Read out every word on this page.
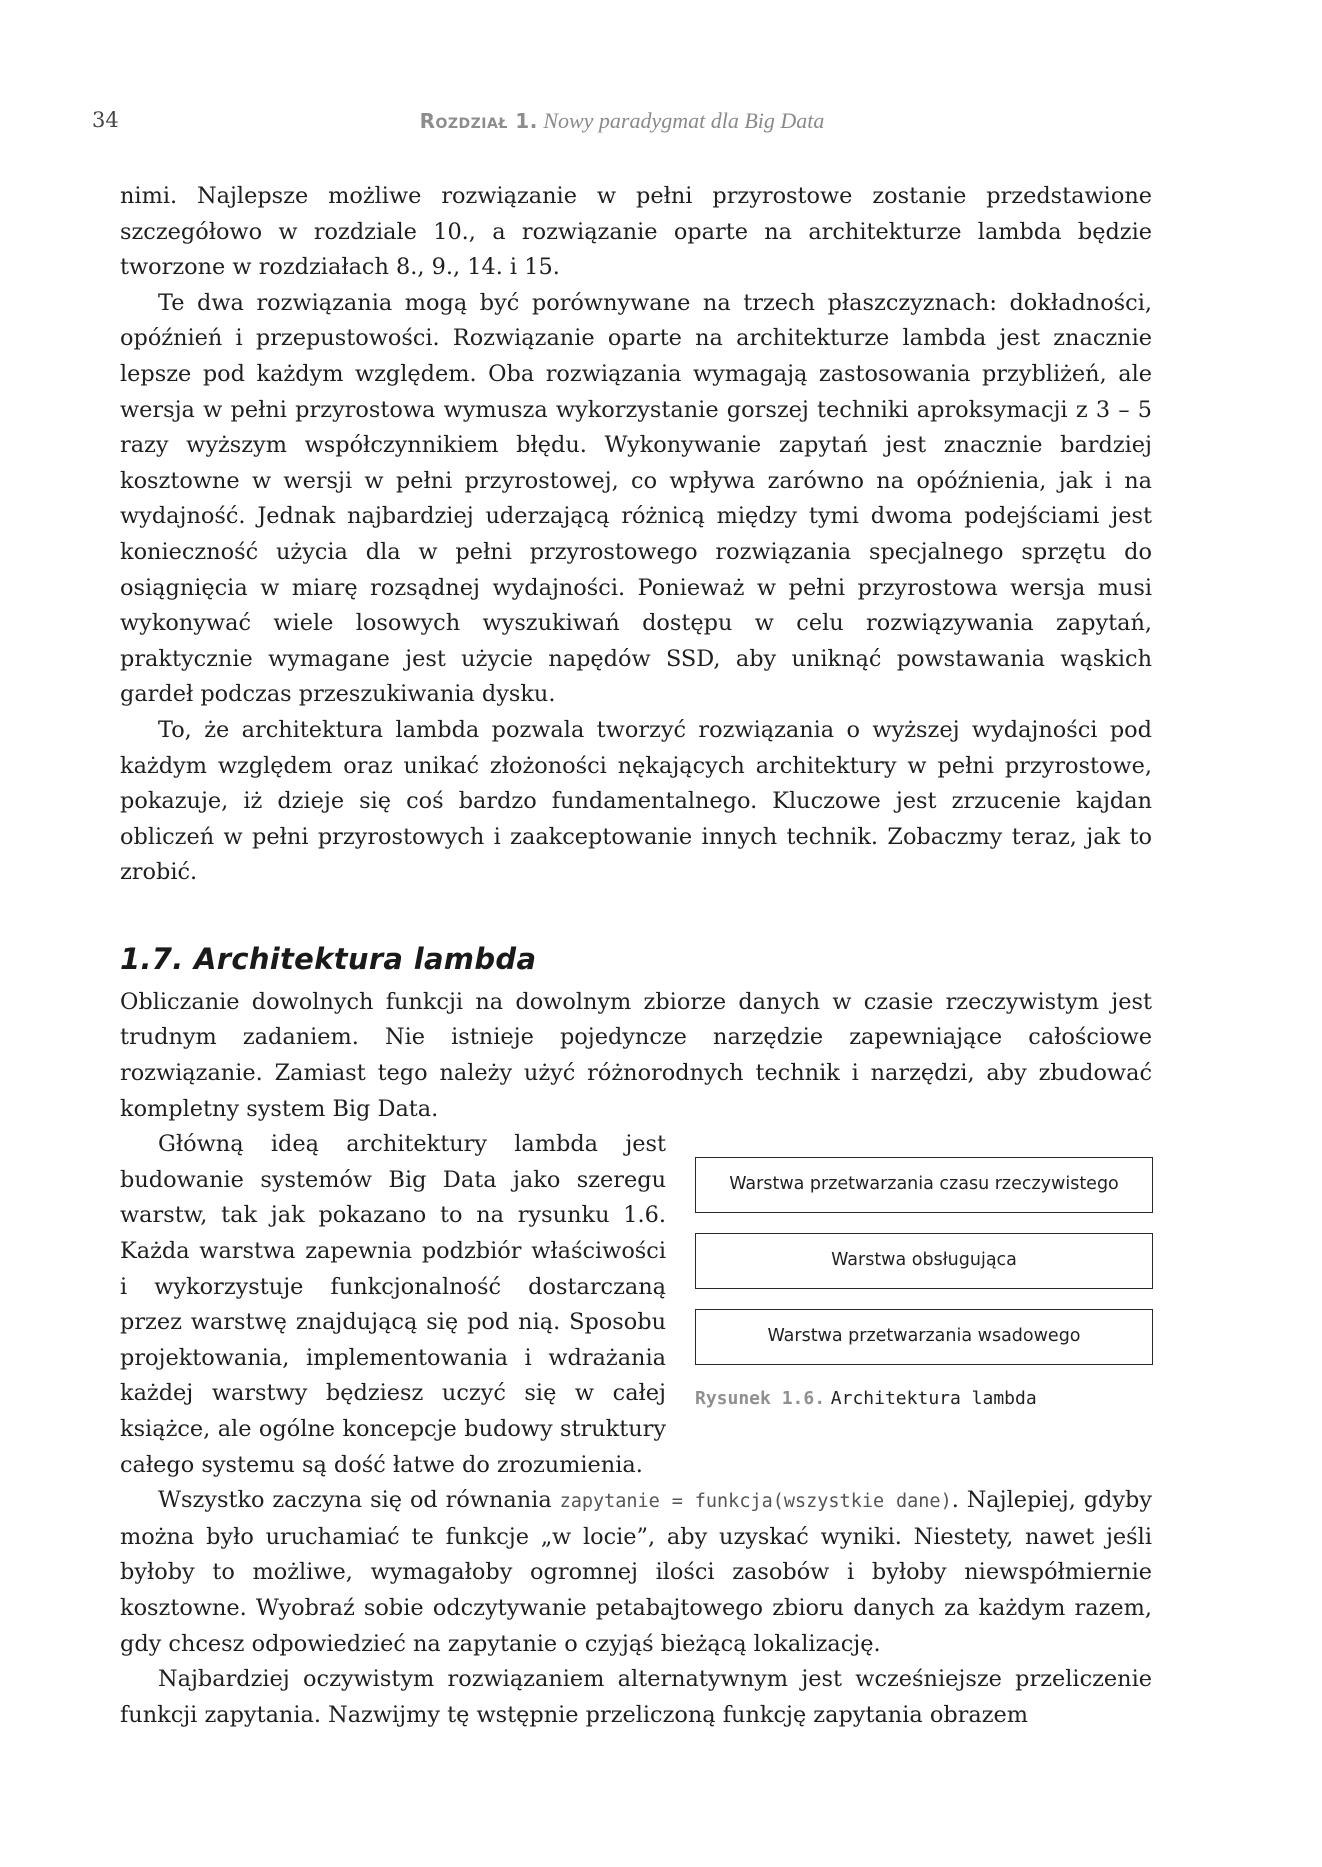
34	Rozdział 1. Nowy paradygmat dla Big Data

nimi. Najlepsze możliwe rozwiązanie w pełni przyrostowe zostanie przedstawione szczegółowo w rozdziale 10., a rozwiązanie oparte na architekturze lambda będzie tworzone w rozdziałach 8., 9., 14. i 15.

Te dwa rozwiązania mogą być porównywane na trzech płaszczyznach: dokładności, opóźnień i przepustowości. Rozwiązanie oparte na architekturze lambda jest znacznie lepsze pod każdym względem. Oba rozwiązania wymagają zastosowania przybliżeń, ale wersja w pełni przyrostowa wymusza wykorzystanie gorszej techniki aproksymacji z 3 – 5 razy wyższym współczynnikiem błędu. Wykonywanie zapytań jest znacznie bardziej kosztowne w wersji w pełni przyrostowej, co wpływa zarówno na opóźnienia, jak i na wydajność. Jednak najbardziej uderzającą różnicą między tymi dwoma podejściami jest konieczność użycia dla w pełni przyrostowego rozwiązania specjalnego sprzętu do osiągnięcia w miarę rozsądnej wydajności. Ponieważ w pełni przyrostowa wersja musi wykonywać wiele losowych wyszukiwań dostępu w celu rozwiązywania zapytań, praktycznie wymagane jest użycie napędów SSD, aby uniknąć powstawania wąskich gardeł podczas przeszukiwania dysku.

To, że architektura lambda pozwala tworzyć rozwiązania o wyższej wydajności pod każdym względem oraz unikać złożoności nękających architektury w pełni przyrostowe, pokazuje, iż dzieje się coś bardzo fundamentalnego. Kluczowe jest zrzucenie kajdan obliczeń w pełni przyrostowych i zaakceptowanie innych technik. Zobaczmy teraz, jak to zrobić.

1.7. Architektura lambda

Obliczanie dowolnych funkcji na dowolnym zbiorze danych w czasie rzeczywistym jest trudnym zadaniem. Nie istnieje pojedyncze narzędzie zapewniające całościowe rozwiązanie. Zamiast tego należy użyć różnorodnych technik i narzędzi, aby zbudować kompletny system Big Data.

Główną ideą architektury lambda jest budowanie systemów Big Data jako szeregu warstw, tak jak pokazano to na rysunku 1.6. Każda warstwa zapewnia podzbiór właściwości i wykorzystuje funkcjonalność dostarczaną przez warstwę znajdującą się pod nią. Sposobu projektowania, implementowania i wdrażania każdej warstwy będziesz uczyć się w całej książce, ale ogólne koncepcje budowy struktury całego systemu są dość łatwe do zrozumienia.

Warstwa przetwarzania czasu rzeczywistego
Warstwa obsługująca
Warstwa przetwarzania wsadowego
Rysunek 1.6. Architektura lambda

Wszystko zaczyna się od równania zapytanie = funkcja(wszystkie dane). Najlepiej, gdyby można było uruchamiać te funkcje „w locie”, aby uzyskać wyniki. Niestety, nawet jeśli byłoby to możliwe, wymagałoby ogromnej ilości zasobów i byłoby niewspółmiernie kosztowne. Wyobraź sobie odczytywanie petabajtowego zbioru danych za każdym razem, gdy chcesz odpowiedzieć na zapytanie o czyjąś bieżącą lokalizację.

Najbardziej oczywistym rozwiązaniem alternatywnym jest wcześniejsze przeliczenie funkcji zapytania. Nazwijmy tę wstępnie przeliczoną funkcję zapytania obrazem
